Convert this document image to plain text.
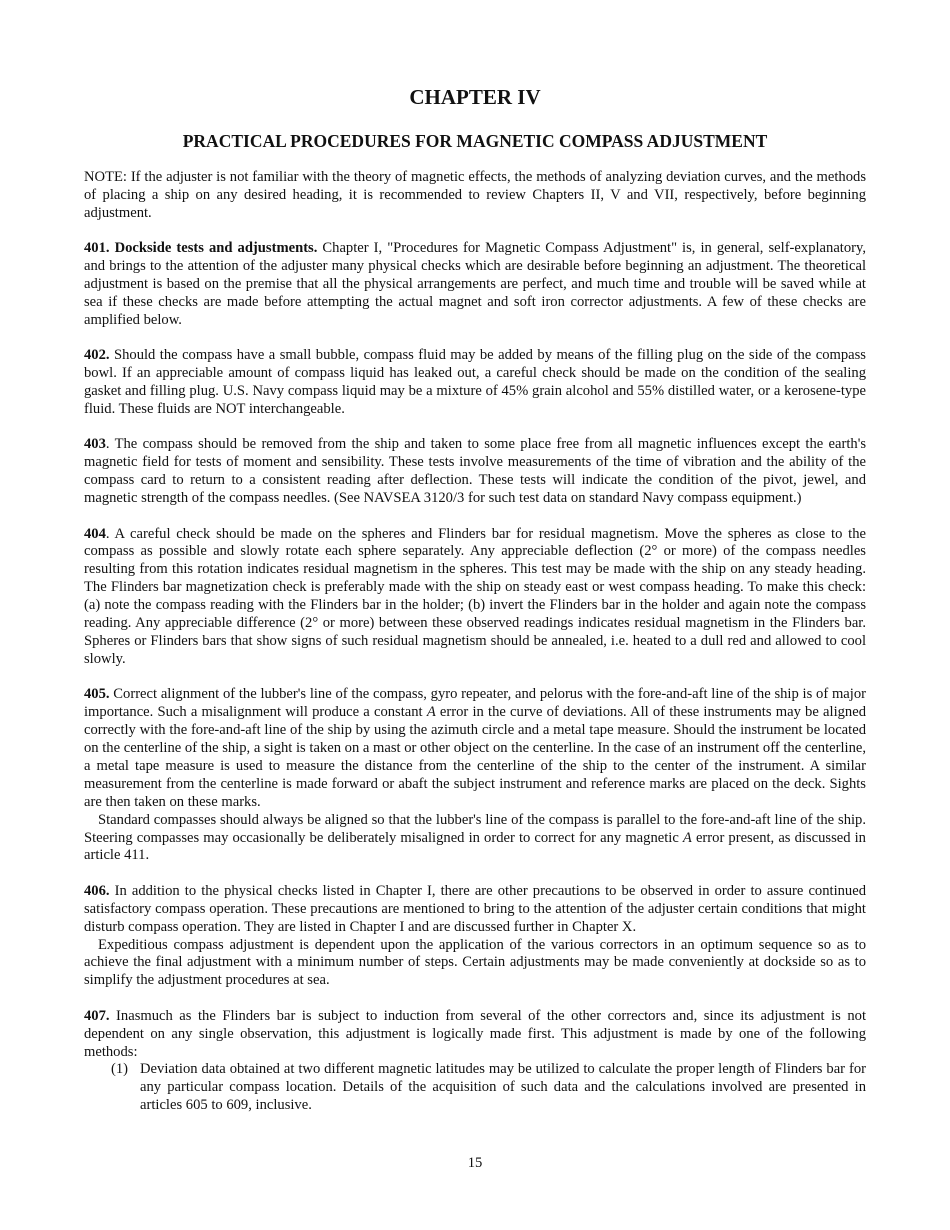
CHAPTER IV
PRACTICAL PROCEDURES FOR MAGNETIC COMPASS ADJUSTMENT

NOTE: If the adjuster is not familiar with the theory of magnetic effects, the methods of analyzing deviation curves, and the methods of placing a ship on any desired heading, it is recommended to review Chapters II, V and VII, respectively, before beginning adjustment.

401. Dockside tests and adjustments. Chapter I, "Procedures for Magnetic Compass Adjustment" is, in general, self-explanatory, and brings to the attention of the adjuster many physical checks which are desirable before beginning an adjustment. The theoretical adjustment is based on the premise that all the physical arrangements are perfect, and much time and trouble will be saved while at sea if these checks are made before attempting the actual magnet and soft iron corrector adjustments. A few of these checks are amplified below.

402. Should the compass have a small bubble, compass fluid may be added by means of the filling plug on the side of the compass bowl. If an appreciable amount of compass liquid has leaked out, a careful check should be made on the condition of the sealing gasket and filling plug. U.S. Navy compass liquid may be a mixture of 45% grain alcohol and 55% distilled water, or a kerosene-type fluid. These fluids are NOT interchangeable.

403. The compass should be removed from the ship and taken to some place free from all magnetic influences except the earth's magnetic field for tests of moment and sensibility. These tests involve measurements of the time of vibration and the ability of the compass card to return to a consistent reading after deflection. These tests will indicate the condition of the pivot, jewel, and magnetic strength of the compass needles. (See NAVSEA 3120/3 for such test data on standard Navy compass equipment.)

404. A careful check should be made on the spheres and Flinders bar for residual magnetism. Move the spheres as close to the compass as possible and slowly rotate each sphere separately. Any appreciable deflection (2° or more) of the compass needles resulting from this rotation indicates residual magnetism in the spheres. This test may be made with the ship on any steady heading. The Flinders bar magnetization check is preferably made with the ship on steady east or west compass heading. To make this check: (a) note the compass reading with the Flinders bar in the holder; (b) invert the Flinders bar in the holder and again note the compass reading. Any appreciable difference (2° or more) between these observed readings indicates residual magnetism in the Flinders bar. Spheres or Flinders bars that show signs of such residual magnetism should be annealed, i.e. heated to a dull red and allowed to cool slowly.

405. Correct alignment of the lubber's line of the compass, gyro repeater, and pelorus with the fore-and-aft line of the ship is of major importance. Such a misalignment will produce a constant A error in the curve of deviations. All of these instruments may be aligned correctly with the fore-and-aft line of the ship by using the azimuth circle and a metal tape measure. Should the instrument be located on the centerline of the ship, a sight is taken on a mast or other object on the centerline. In the case of an instrument off the centerline, a metal tape measure is used to measure the distance from the centerline of the ship to the center of the instrument. A similar measurement from the centerline is made forward or abaft the subject instrument and reference marks are placed on the deck. Sights are then taken on these marks.

Standard compasses should always be aligned so that the lubber's line of the compass is parallel to the fore-and-aft line of the ship. Steering compasses may occasionally be deliberately misaligned in order to correct for any magnetic A error present, as discussed in article 411.

406. In addition to the physical checks listed in Chapter I, there are other precautions to be observed in order to assure continued satisfactory compass operation. These precautions are mentioned to bring to the attention of the adjuster certain conditions that might disturb compass operation. They are listed in Chapter I and are discussed further in Chapter X.

Expeditious compass adjustment is dependent upon the application of the various correctors in an optimum sequence so as to achieve the final adjustment with a minimum number of steps. Certain adjustments may be made conveniently at dockside so as to simplify the adjustment procedures at sea.

407. Inasmuch as the Flinders bar is subject to induction from several of the other correctors and, since its adjustment is not dependent on any single observation, this adjustment is logically made first. This adjustment is made by one of the following methods:

(1) Deviation data obtained at two different magnetic latitudes may be utilized to calculate the proper length of Flinders bar for any particular compass location. Details of the acquisition of such data and the calculations involved are presented in articles 605 to 609, inclusive.
15
